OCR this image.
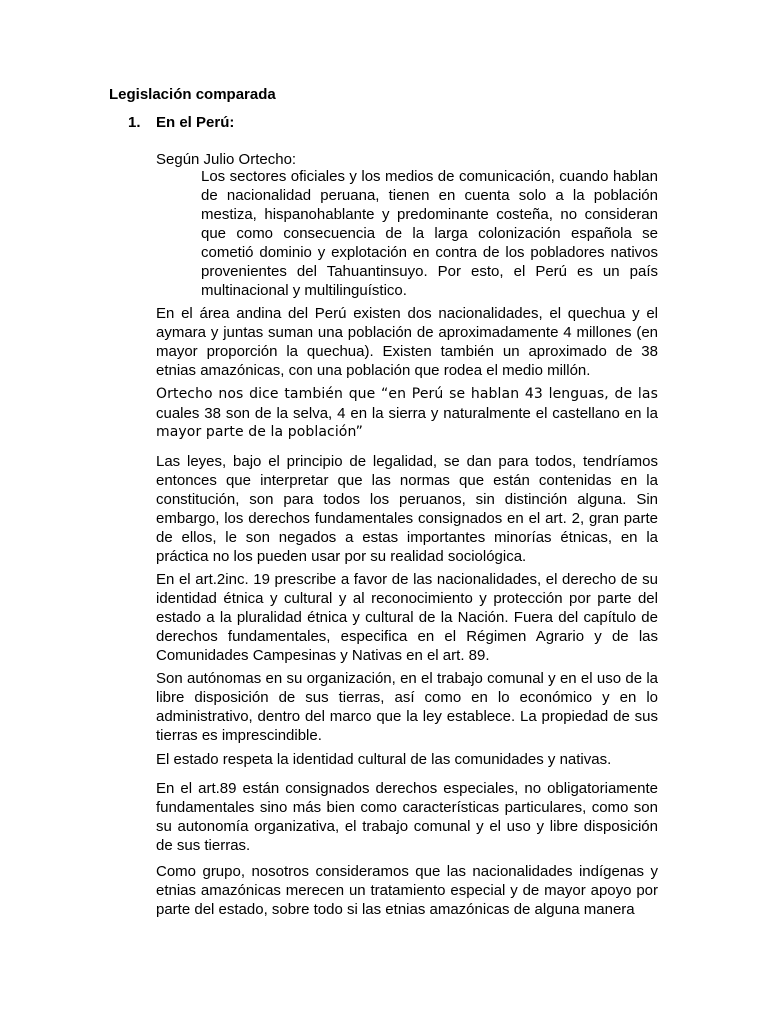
Legislación comparada
1. En el Perú:
Según Julio Ortecho:
Los sectores oficiales y los medios de comunicación, cuando hablan de nacionalidad peruana, tienen en cuenta solo a la población mestiza, hispanohablante y predominante costeña, no consideran que como consecuencia de la larga colonización española se cometió dominio y explotación en contra de los pobladores nativos provenientes del Tahuantinsuyo. Por esto, el Perú es un país multinacional y multilinguístico.
En el área andina del Perú existen dos nacionalidades, el quechua y el aymara y juntas suman una población de aproximadamente 4 millones (en mayor proporción la quechua). Existen también un aproximado de 38 etnias amazónicas, con una población que rodea el medio millón.
Ortecho nos dice también que “en Perú se hablan 43 lenguas, de las
cuales 38 son de la selva, 4 en la sierra y naturalmente el castellano en la
mayor parte de la población”
Las leyes, bajo el principio de legalidad, se dan para todos, tendríamos entonces que interpretar que las normas que están contenidas en la constitución, son para todos los peruanos, sin distinción alguna. Sin embargo, los derechos fundamentales consignados en el art. 2, gran parte de ellos, le son negados a estas importantes minorías étnicas, en la práctica no los pueden usar por su realidad sociológica.
En el art.2inc. 19 prescribe a favor de las nacionalidades, el derecho de su identidad étnica y cultural y al reconocimiento y protección por parte del estado a la pluralidad étnica y cultural de la Nación. Fuera del capítulo de derechos fundamentales, especifica en el Régimen Agrario y de las Comunidades Campesinas y Nativas en el art. 89.
Son autónomas en su organización, en el trabajo comunal y en el uso de la libre disposición de sus tierras, así como en lo económico y en lo administrativo, dentro del marco que la ley establece. La propiedad de sus tierras es imprescindible.
El estado respeta la identidad cultural de las comunidades y nativas.
En el art.89 están consignados derechos especiales, no obligatoriamente fundamentales sino más bien como características particulares, como son su autonomía organizativa, el trabajo comunal y el uso y libre disposición de sus tierras.
Como grupo, nosotros consideramos que las nacionalidades indígenas y etnias amazónicas merecen un tratamiento especial y de mayor apoyo por parte del estado, sobre todo si las etnias amazónicas de alguna manera
